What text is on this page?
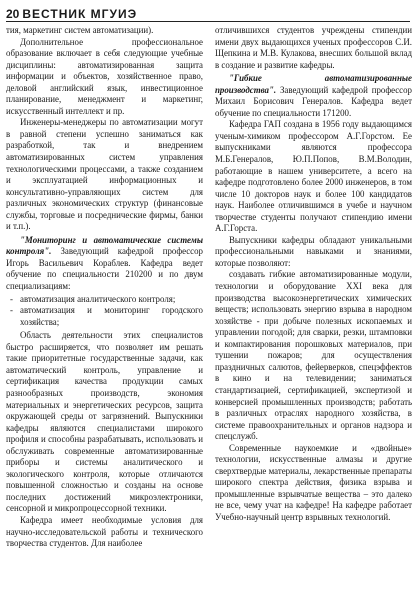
20 ВЕСТНИК МГУИЭ

тия, маркетинг систем автоматизации).

Дополнительное профессиональное образование включает в себя следующие учебные дисциплины: автоматизированная защита информации и объектов, хозяйственное право, деловой английский язык, инвестиционное планирование, менеджмент и маркетинг, искусственный интеллект и пр.

Инженеры-менеджеры по автоматизации могут в равной степени успешно заниматься как разработкой, так и внедрением автоматизированных систем управления технологическими процессами, а также созданием и эксплуатацией информационных и консультативно-управляющих систем для различных экономических структур (финансовые службы, торговые и посреднические фирмы, банки и т.п.).

"Мониторинг и автоматические системы контроля". Заведующий кафедрой профессор Игорь Васильевич Кораблев. Кафедра ведет обучение по специальности 210200 и по двум специализациям:

- автоматизация аналитического контроля;
- автоматизация и мониторинг городского хозяйства;

Область деятельности этих специалистов быстро расширяется, что позволяет им решать такие приоритетные государственные задачи, как автоматический контроль, управление и сертификация качества продукции самых разнообразных производств, экономия материальных и энергетических ресурсов, защита окружающей среды от загрязнений. Выпускники кафедры являются специалистами широкого профиля и способны разрабатывать, использовать и обслуживать современные автоматизированные приборы и системы аналитического и экологического контроля, которые отличаются повышенной сложностью и созданы на основе последних достижений микроэлектроники, сенсорной и микропроцессорной техники.

Кафедра имеет необходимые условия для научно-исследовательской работы и технического творчества студентов. Для наиболее

отличившихся студентов учреждены стипендии имени двух выдающихся ученых профессоров С.И. Щепкина и М.В. Кулакова, внесших большой вклад в создание и развитие кафедры.

"Гибкие автоматизированные производства". Заведующий кафедрой профессор Михаил Борисович Генералов. Кафедра ведет обучение по специальности 171200.

Кафедра ГАП создана в 1956 году выдающимся ученым-химиком профессором А.Г.Горстом. Ее выпускниками являются профессора М.Б.Генералов, Ю.П.Попов, В.М.Володин, работающие в нашем университете, а всего на кафедре подготовлено более 2000 инженеров, в том числе 10 докторов наук и более 100 кандидатов наук. Наиболее отличившимся в учебе и научном творчестве студенты получают стипендию имени А.Г.Горста.

Выпускники кафедры обладают уникальными профессиональными навыками и знаниями, которые позволяют:

создавать гибкие автоматизированные модули, технологии и оборудование XXI века для производства высокоэнергетических химических веществ; использовать энергию взрыва в народном хозяйстве - при добыче полезных ископаемых и управлении погодой; для сварки, резки, штамповки и компактирования порошковых материалов, при тушении пожаров; для осуществления праздничных салютов, фейерверков, спецэффектов в кино и на телевидении; заниматься стандартизацией, сертификацией, экспертизой и конверсией промышленных производств; работать в различных отраслях народного хозяйства, в системе правоохранительных и органов надзора и спецслужб.

Современные наукоемкие и «двойные» технологии, искусственные алмазы и другие сверхтвердые материалы, лекарственные препараты широкого спектра действия, физика взрыва и промышленные взрывчатые вещества – это далеко не все, чему учат на кафедре! На кафедре работает Учебно-научный центр взрывных технологий.
